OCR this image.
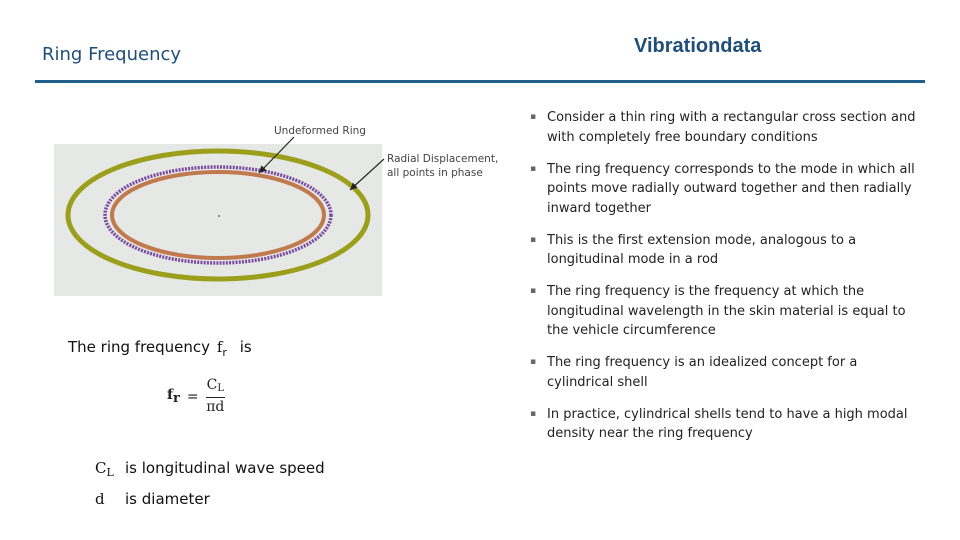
Ring Frequency	Vibrationdata
Undeformed Ring
Radial Displacement,
all points in phase
▪ Consider a thin ring with a rectangular cross section and with completely free boundary conditions
▪ The ring frequency corresponds to the mode in which all points move radially outward together and then radially inward together
▪ This is the first extension mode, analogous to a longitudinal mode in a rod
▪ The ring frequency is the frequency at which the longitudinal wavelength in the skin material is equal to the vehicle circumference
▪ The ring frequency is an idealized concept for a cylindrical shell
▪ In practice, cylindrical shells tend to have a high modal density near the ring frequency
The ring frequency $f_r$ is
fr = $\frac{C_L}{\pi d}$
$C_L$ is longitudinal wave speed
d is diameter
